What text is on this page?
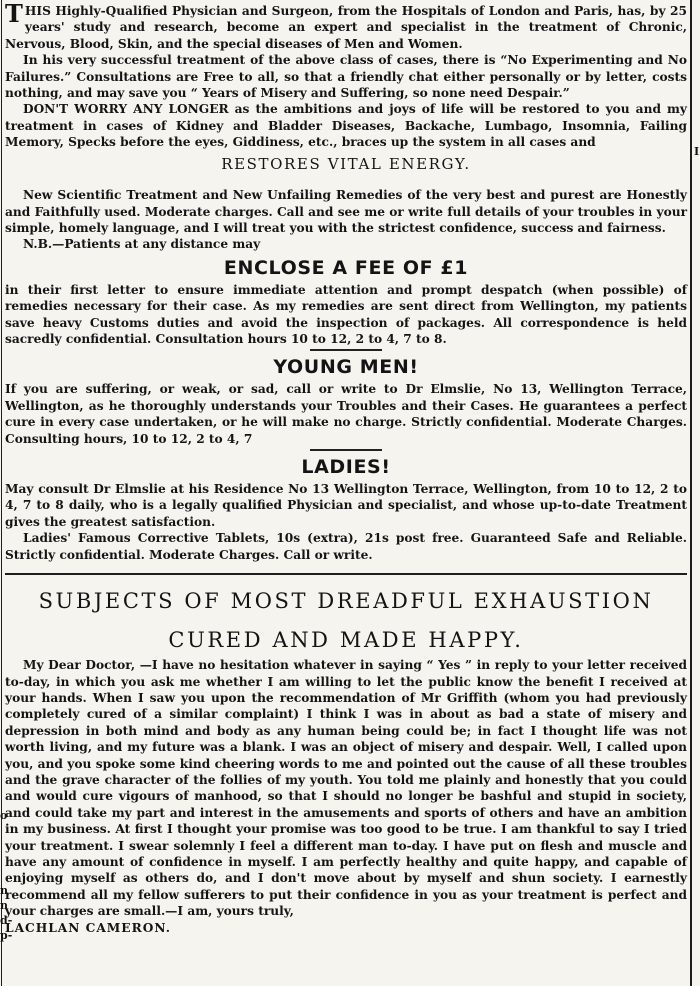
I
o
n
n
d-
p-

THIS Highly-Qualified Physician and Surgeon, from the Hospitals of London and Paris, has, by 25 years' study and research, become an expert and specialist in the treatment of Chronic, Nervous, Blood, Skin, and the special diseases of Men and Women.

In his very successful treatment of the above class of cases, there is “No Experimenting and No Failures.” Consultations are Free to all, so that a friendly chat either personally or by letter, costs nothing, and may save you “ Years of Misery and Suffering, so none need Despair.”

DON'T WORRY ANY LONGER as the ambitions and joys of life will be restored to you and my treatment in cases of Kidney and Bladder Diseases, Backache, Lumbago, Insomnia, Failing Memory, Specks before the eyes, Giddiness, etc., braces up the system in all cases and

RESTORES VITAL ENERGY.

New Scientific Treatment and New Unfailing Remedies of the very best and purest are Honestly and Faithfully used. Moderate charges. Call and see me or write full details of your troubles in your simple, homely language, and I will treat you with the strictest confidence, success and fairness.

N.B.—Patients at any distance may

ENCLOSE A FEE OF £1

in their first letter to ensure immediate attention and prompt despatch (when possible) of remedies necessary for their case. As my remedies are sent direct from Wellington, my patients save heavy Customs duties and avoid the inspection of packages. All correspondence is held sacredly confidential. Consultation hours 10 to 12, 2 to 4, 7 to 8.

YOUNG MEN!

If you are suffering, or weak, or sad, call or write to Dr Elmslie, No 13, Wellington Terrace, Wellington, as he thoroughly understands your Troubles and their Cases. He guarantees a perfect cure in every case undertaken, or he will make no charge. Strictly confidential. Moderate Charges. Consulting hours, 10 to 12, 2 to 4, 7

LADIES!

May consult Dr Elmslie at his Residence No 13 Wellington Terrace, Wellington, from 10 to 12, 2 to 4, 7 to 8 daily, who is a legally qualified Physician and specialist, and whose up-to-date Treatment gives the greatest satisfaction.

Ladies' Famous Corrective Tablets, 10s (extra), 21s post free. Guaranteed Safe and Reliable. Strictly confidential. Moderate Charges. Call or write.

SUBJECTS OF MOST DREADFUL EXHAUSTION
CURED AND MADE HAPPY.

My Dear Doctor, —I have no hesitation whatever in saying “ Yes ” in reply to your letter received to-day, in which you ask me whether I am willing to let the public know the benefit I received at your hands. When I saw you upon the recommendation of Mr Griffith (whom you had previously completely cured of a similar complaint) I think I was in about as bad a state of misery and depression in both mind and body as any human being could be; in fact I thought life was not worth living, and my future was a blank. I was an object of misery and despair. Well, I called upon you, and you spoke some kind cheering words to me and pointed out the cause of all these troubles and the grave character of the follies of my youth. You told me plainly and honestly that you could and would cure vigours of manhood, so that I should no longer be bashful and stupid in society, and could take my part and interest in the amusements and sports of others and have an ambition in my business. At first I thought your promise was too good to be true. I am thankful to say I tried your treatment. I swear solemnly I feel a different man to-day. I have put on flesh and muscle and have any amount of confidence in myself. I am perfectly healthy and quite happy, and capable of enjoying myself as others do, and I don't move about by myself and shun society. I earnestly recommend all my fellow sufferers to put their confidence in you as your treatment is perfect and your charges are small.—I am, yours truly,

LACHLAN CAMERON.
